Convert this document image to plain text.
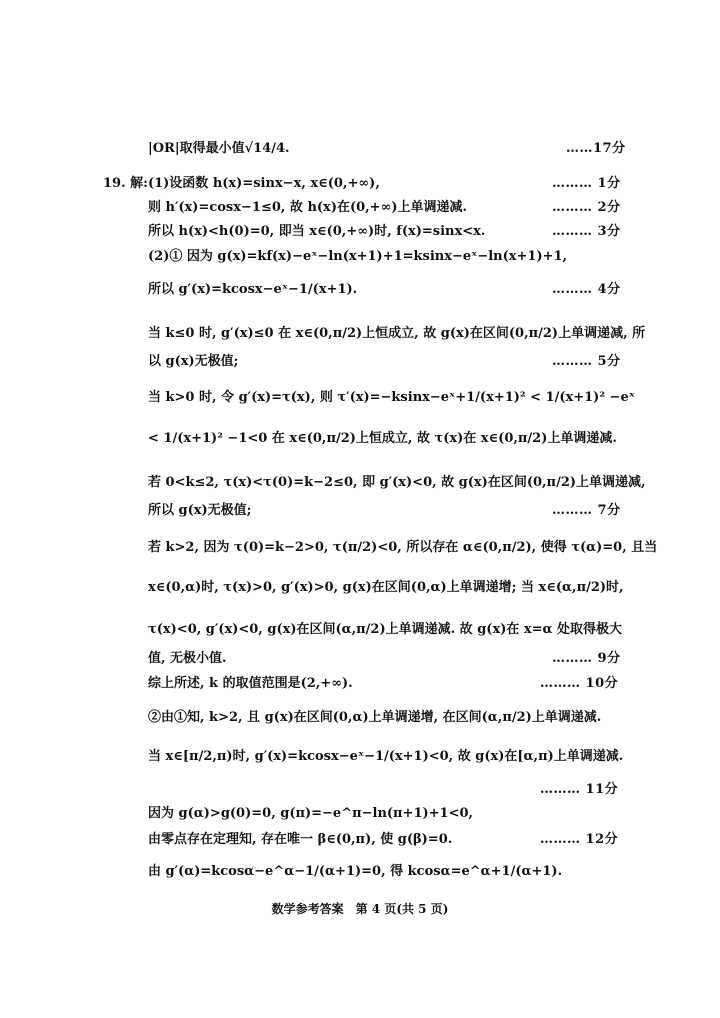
|OR|取得最小值√14/4.	……17分
19. 解:(1)设函数 h(x)=sinx−x, x∈(0,+∞),	……… 1分
则 h′(x)=cosx−1≤0, 故 h(x)在(0,+∞)上单调递减.	……… 2分
所以 h(x)<h(0)=0, 即当 x∈(0,+∞)时, f(x)=sinx<x.	……… 3分
(2)① 因为 g(x)=kf(x)−eˣ−ln(x+1)+1=ksinx−eˣ−ln(x+1)+1,
所以 g′(x)=kcosx−eˣ−1/(x+1).	……… 4分
当 k≤0 时, g′(x)≤0 在 x∈(0,π/2)上恒成立, 故 g(x)在区间(0,π/2)上单调递减, 所
以 g(x)无极值;	……… 5分
当 k>0 时, 令 g′(x)=τ(x), 则 τ′(x)=−ksinx−eˣ+1/(x+1)² < 1/(x+1)² −eˣ
< 1/(x+1)² −1<0 在 x∈(0,π/2)上恒成立, 故 τ(x)在 x∈(0,π/2)上单调递减.
若 0<k≤2, τ(x)<τ(0)=k−2≤0, 即 g′(x)<0, 故 g(x)在区间(0,π/2)上单调递减,
所以 g(x)无极值;	……… 7分
若 k>2, 因为 τ(0)=k−2>0, τ(π/2)<0, 所以存在 α∈(0,π/2), 使得 τ(α)=0, 且当
x∈(0,α)时, τ(x)>0, g′(x)>0, g(x)在区间(0,α)上单调递增; 当 x∈(α,π/2)时,
τ(x)<0, g′(x)<0, g(x)在区间(α,π/2)上单调递减. 故 g(x)在 x=α 处取得极大
值, 无极小值.	……… 9分
综上所述, k 的取值范围是(2,+∞).	……… 10分
②由①知, k>2, 且 g(x)在区间(0,α)上单调递增, 在区间(α,π/2)上单调递减.
当 x∈[π/2,π)时, g′(x)=kcosx−eˣ−1/(x+1)<0, 故 g(x)在[α,π)上单调递减.
……… 11分
因为 g(α)>g(0)=0, g(π)=−e^π−ln(π+1)+1<0,
由零点存在定理知, 存在唯一 β∈(0,π), 使 g(β)=0.	……… 12分
由 g′(α)=kcosα−e^α−1/(α+1)=0, 得 kcosα=e^α+1/(α+1).
数学参考答案　第 4 页(共 5 页)
